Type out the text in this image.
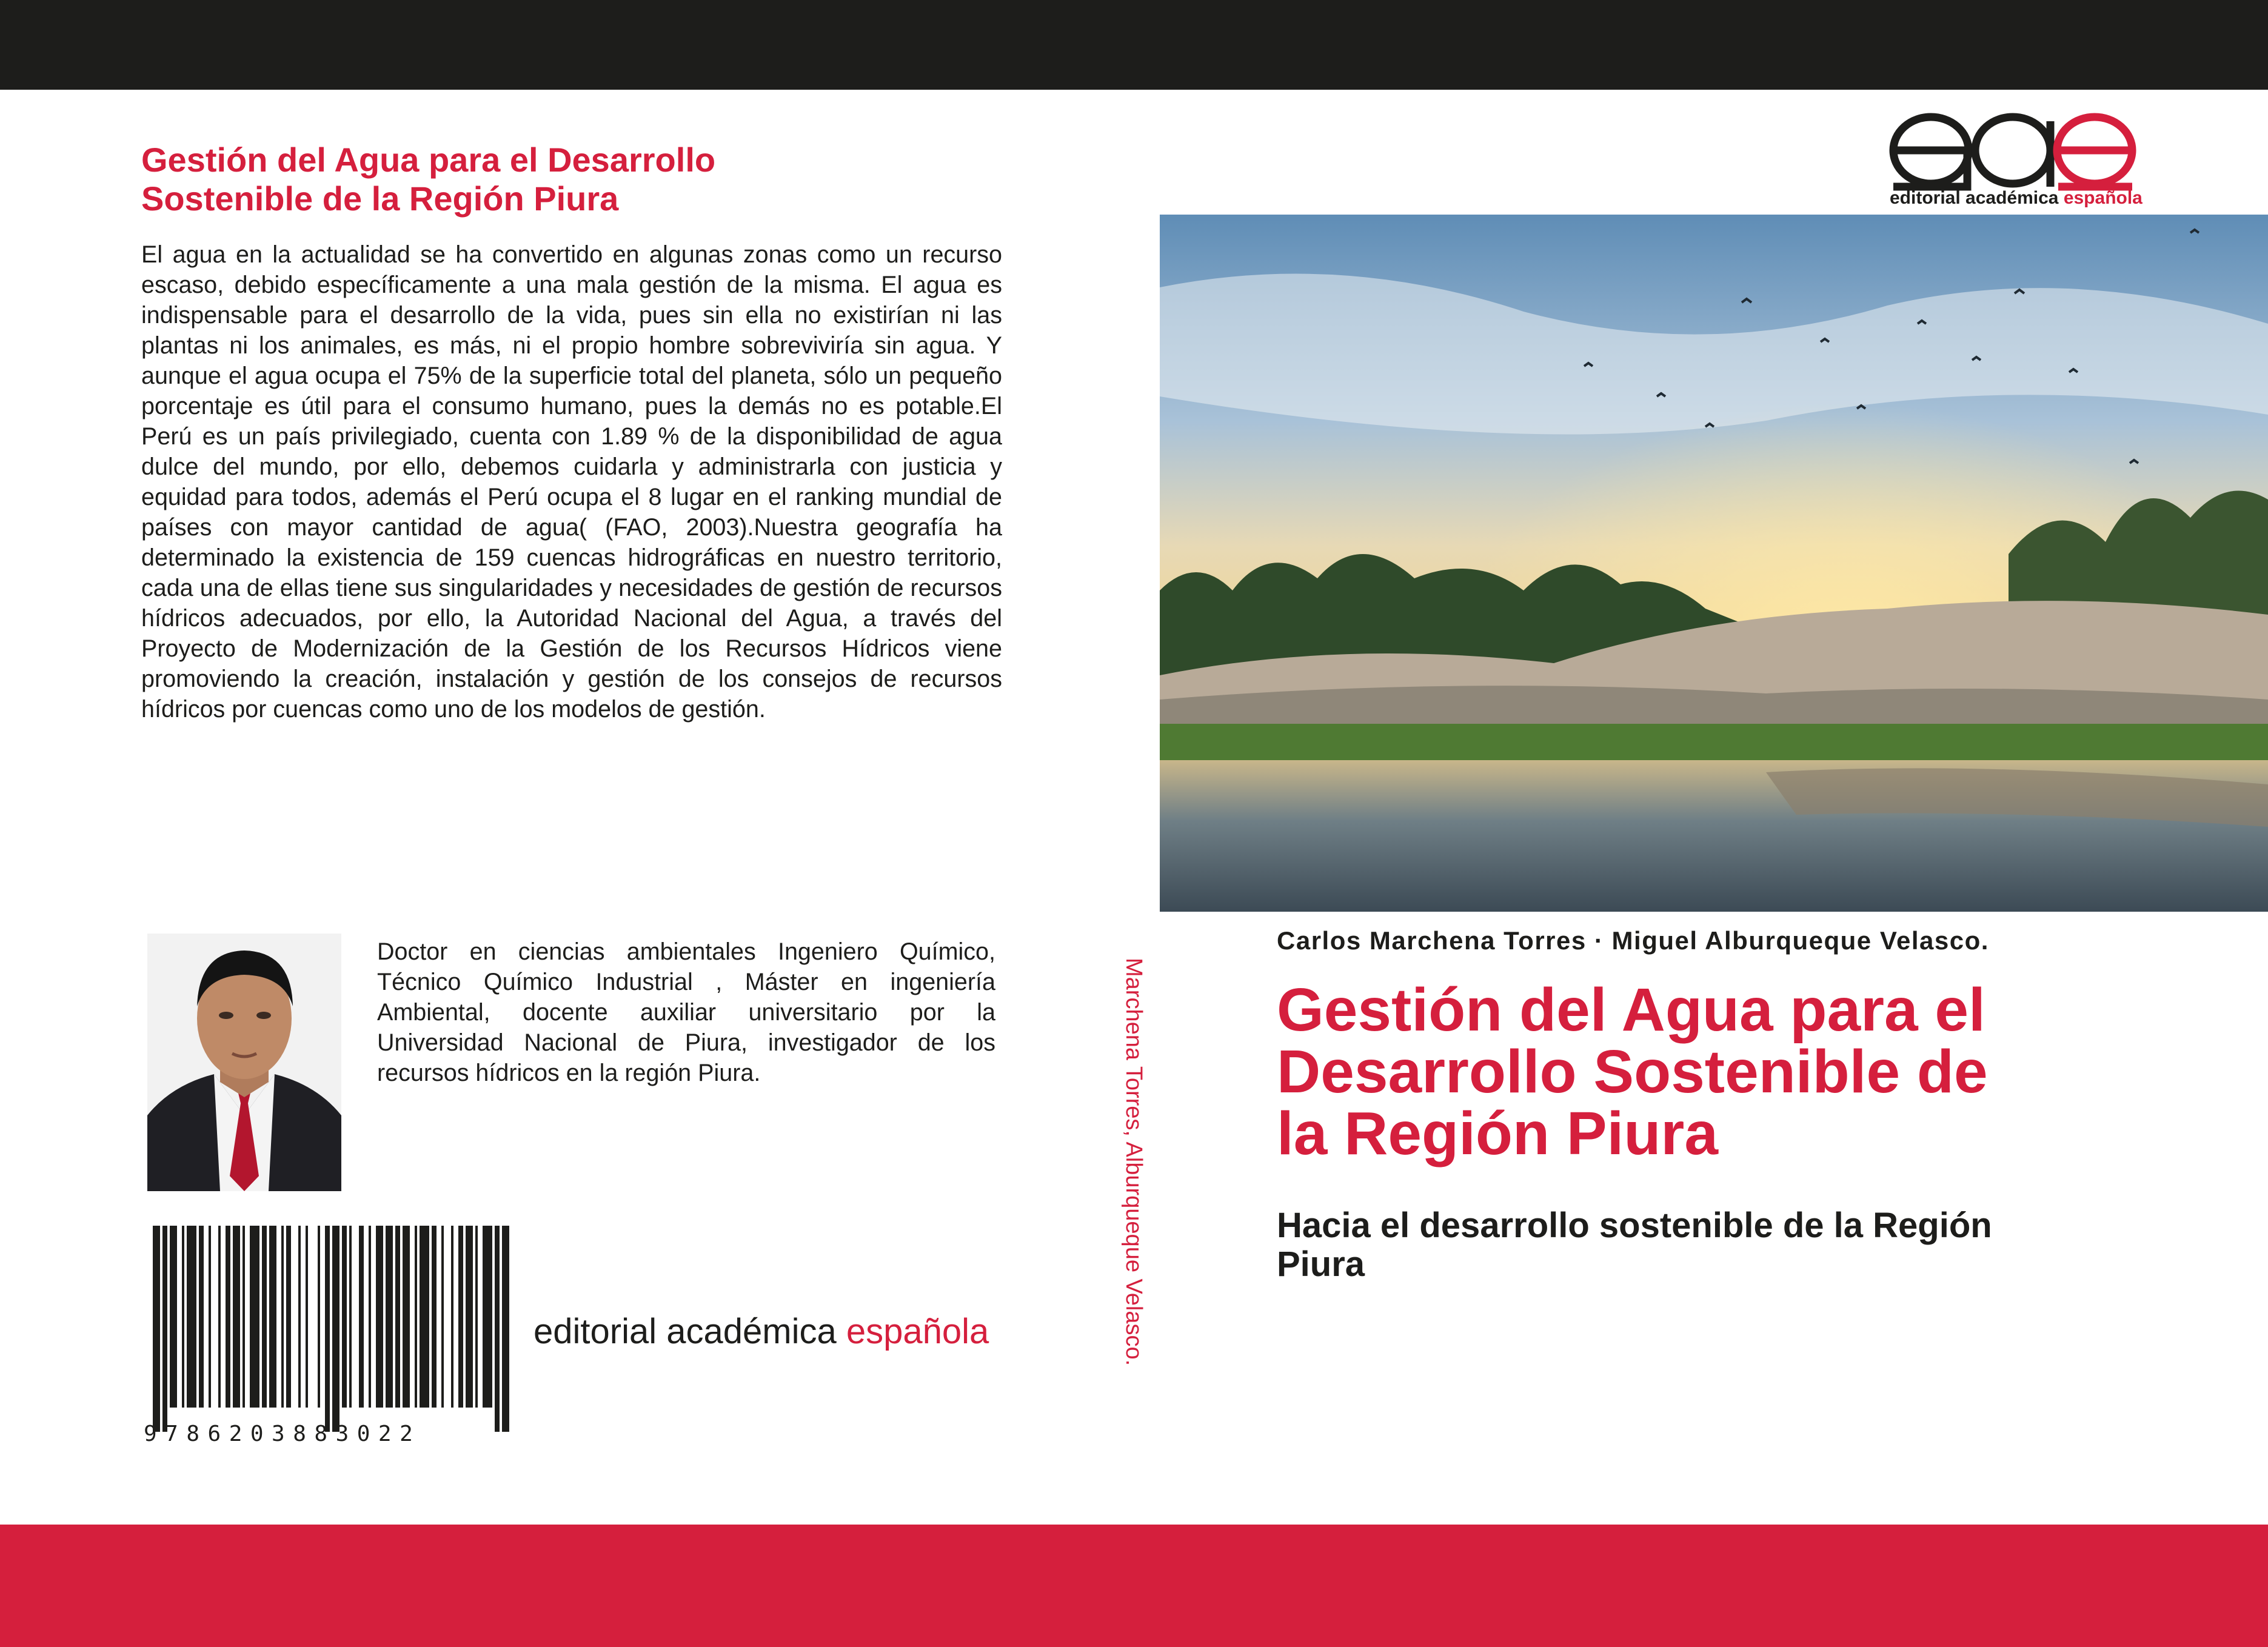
Gestión del Agua para el Desarrollo
Sostenible de la Región Piura
El agua en la actualidad se ha convertido en algunas zonas como un recurso escaso, debido específicamente a una mala gestión de la misma. El agua es indispensable para el desarrollo de la vida, pues sin ella no existirían ni las plantas ni los animales, es más, ni el propio hombre sobreviviría sin agua. Y aunque el agua ocupa el 75% de la superficie total del planeta, sólo un pequeño porcentaje es útil para el consumo humano, pues la demás no es potable.El Perú es un país privilegiado, cuenta con 1.89 % de la disponibilidad de agua dulce del mundo, por ello, debemos cuidarla y administrarla con justicia y equidad para todos, además el Perú ocupa el 8 lugar en el ranking mundial de países con mayor cantidad de agua( (FAO, 2003).Nuestra geografía ha determinado la existencia de 159 cuencas hidrográficas en nuestro territorio, cada una de ellas tiene sus singularidades y necesidades de gestión de recursos hídricos adecuados, por ello, la Autoridad Nacional del Agua, a través del Proyecto de Modernización de la Gestión de los Recursos Hídricos viene promoviendo la creación, instalación y gestión de los consejos de recursos hídricos por cuencas como uno de los modelos de gestión.
Doctor en ciencias ambientales Ingeniero Químico, Técnico Químico Industrial , Máster en ingeniería Ambiental, docente auxiliar universitario por la Universidad Nacional de Piura, investigador de los recursos hídricos en la región Piura.
9786203883022
editorial académica española	Marchena Torres, Alburqueque Velasco.
editorial académica española
Carlos Marchena Torres · Miguel Alburqueque Velasco.
Gestión del Agua para el
Desarrollo Sostenible de
la Región Piura
Hacia el desarrollo sostenible de la Región
Piura
